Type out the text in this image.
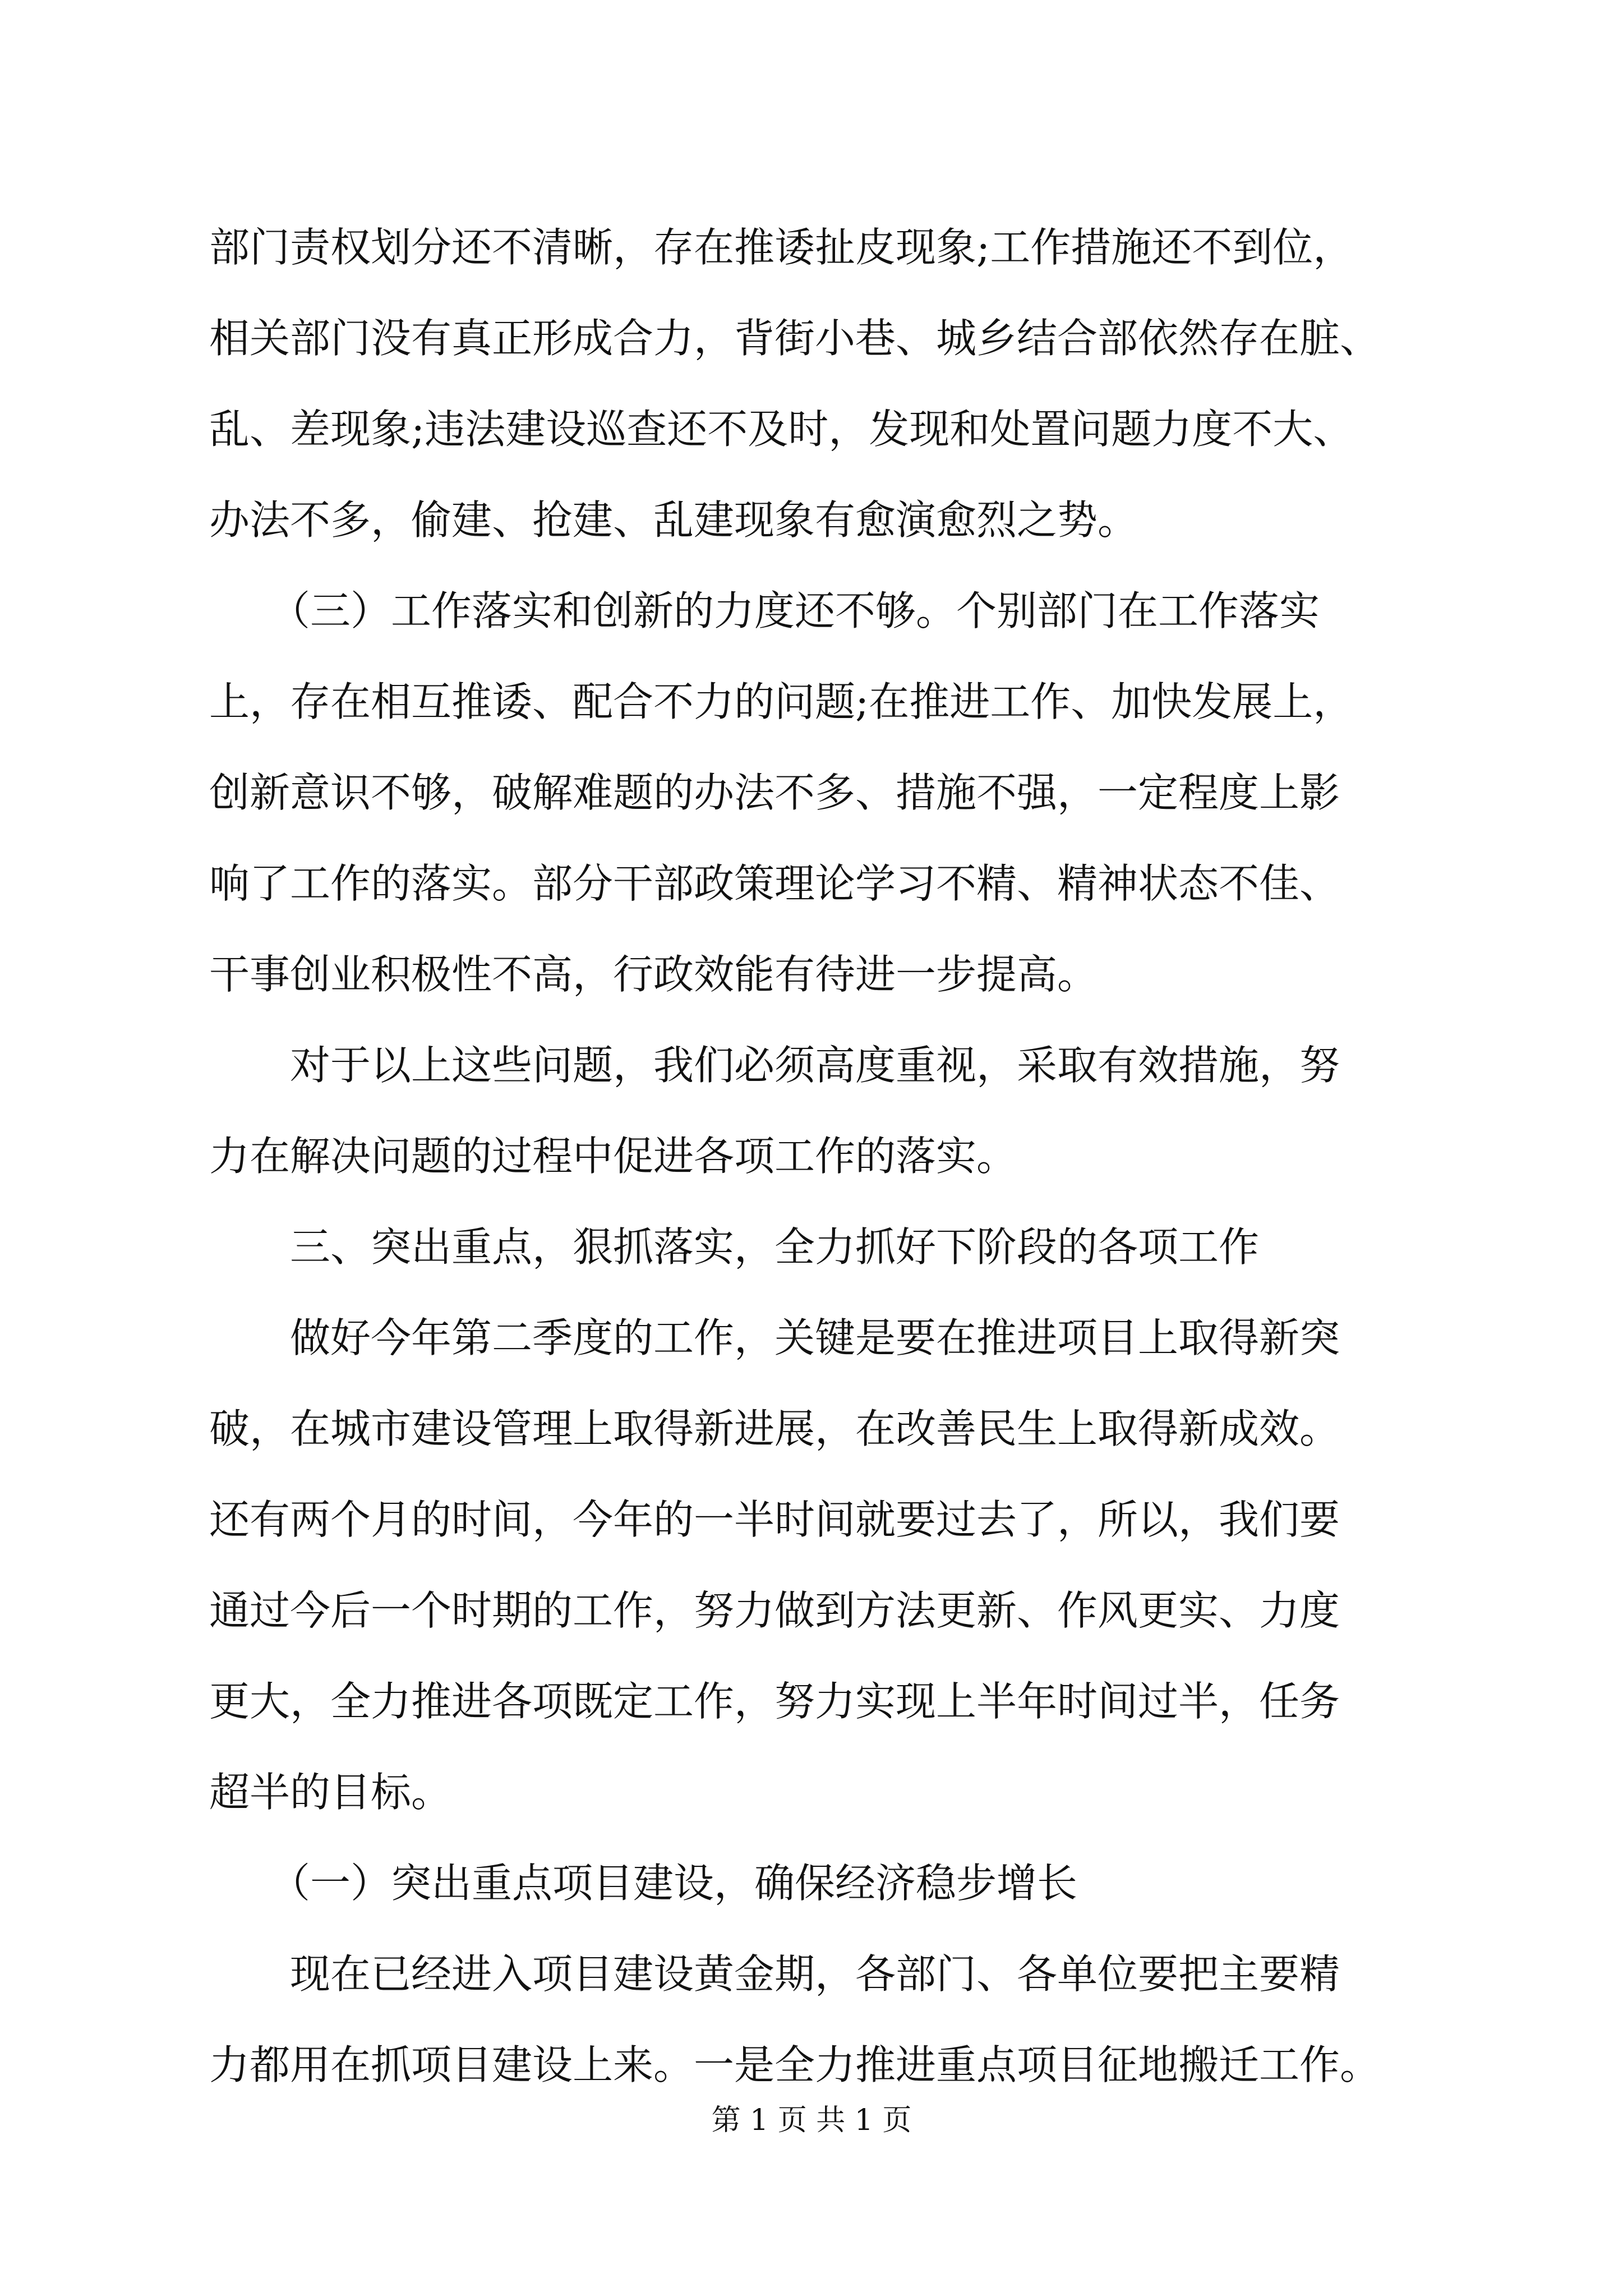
部门责权划分还不清晰，存在推诿扯皮现象;工作措施还不到位，
相关部门没有真正形成合力，背街小巷、城乡结合部依然存在脏、
乱、差现象;违法建设巡查还不及时，发现和处置问题力度不大、
办法不多，偷建、抢建、乱建现象有愈演愈烈之势。
　　（三）工作落实和创新的力度还不够。个别部门在工作落实
上，存在相互推诿、配合不力的问题;在推进工作、加快发展上，
创新意识不够，破解难题的办法不多、措施不强，一定程度上影
响了工作的落实。部分干部政策理论学习不精、精神状态不佳、
干事创业积极性不高，行政效能有待进一步提高。
　　对于以上这些问题，我们必须高度重视，采取有效措施，努
力在解决问题的过程中促进各项工作的落实。
　　三、突出重点，狠抓落实，全力抓好下阶段的各项工作
　　做好今年第二季度的工作，关键是要在推进项目上取得新突
破，在城市建设管理上取得新进展，在改善民生上取得新成效。
还有两个月的时间，今年的一半时间就要过去了，所以，我们要
通过今后一个时期的工作，努力做到方法更新、作风更实、力度
更大，全力推进各项既定工作，努力实现上半年时间过半，任务
超半的目标。
　　（一）突出重点项目建设，确保经济稳步增长
　　现在已经进入项目建设黄金期，各部门、各单位要把主要精
力都用在抓项目建设上来。一是全力推进重点项目征地搬迁工作。
第 1 页 共 1 页
